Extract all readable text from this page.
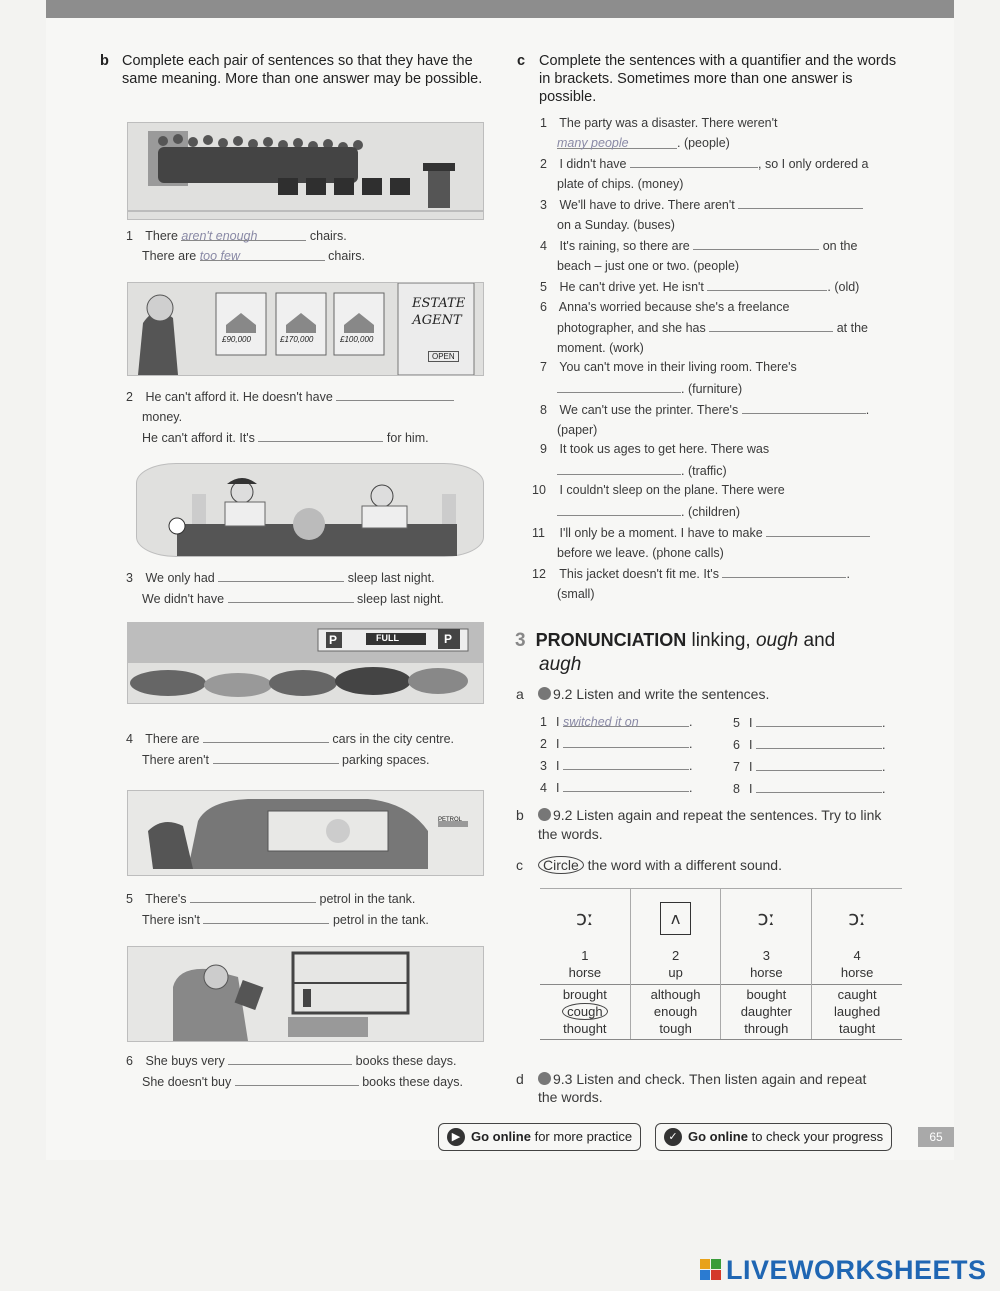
b Complete each pair of sentences so that they have the same meaning. More than one answer may be possible.
1 There aren't enough	chairs.
There are too few	chairs.
£90,000	£170,000	£100,000
ESTATE AGENT
OPEN
2 He can't afford it. He doesn't have
money.
He can't afford it. It's	for him.
3 We only had	sleep last night.
We didn't have	sleep last night.
P	P
FULL
4 There are	cars in the city centre.
There aren't	parking spaces.
PETROL
5 There's	petrol in the tank.
There isn't	petrol in the tank.
6 She buys very	books these days.
She doesn't buy	books these days.
c Complete the sentences with a quantifier and the words in brackets. Sometimes more than one answer is possible.
1 The party was a disaster. There weren't
many people	. (people)
2 I didn't have	, so I only ordered a
plate of chips. (money)
3 We'll have to drive. There aren't
on a Sunday. (buses)
4 It's raining, so there are	on the
beach – just one or two. (people)
5 He can't drive yet. He isn't	. (old)
6 Anna's worried because she's a freelance
photographer, and she has	at the
moment. (work)
7 You can't move in their living room. There's
. (furniture)
8 We can't use the printer. There's	.
(paper)
9 It took us ages to get here. There was
. (traffic)
10 I couldn't sleep on the plane. There were
. (children)
11 I'll only be a moment. I have to make
before we leave. (phone calls)
12 This jacket doesn't fit me. It's	.
(small)
3 PRONUNCIATION linking, ough and
augh
a 9.2 Listen and write the sentences.
1 I switched it on	.
2 I	.
3 I	.
4 I	.
5 I	.
6 I	.
7 I	.
8 I	.
b 9.2 Listen again and repeat the sentences. Try to link the words.
c Circle the word with a different sound.
ɔː	ʌ	ɔː	ɔː

1	2	3	4
horse	up	horse	horse
brought	although	bought	caught
cough	enough	daughter	laughed
thought	tough	through	taught
d 9.3 Listen and check. Then listen again and repeat the words.
▶ Go online for more practice	✓ Go online to check your progress	65
LIVEWORKSHEETS
